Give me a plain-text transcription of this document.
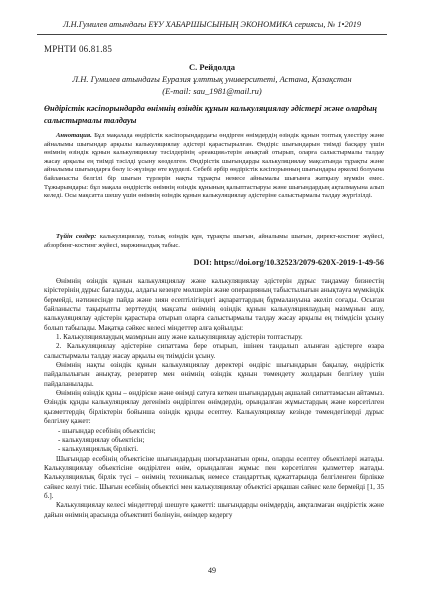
Л.Н.Гумилев атындағы ЕҰУ ХАБАРШЫСЫНЫҢ ЭКОНОМИКА сериясы, № 1•2019
МРНТИ 06.81.85
С. Рейдолда
Л.Н. Гумилев атындағы Еуразия ұлттық университеті, Астана, Қазақстан
(E-mail: sau_1981@mail.ru)
Өндірістік кәсіпорындарда өнімнің өзіндік құнын калькуляциялау әдістері және олардың салыстырмалы талдауы
Аннотация. Бұл мақалада өндірістік кәсіпорындардағы өндірген өнімдердің өзіндік құнын топтық үлестіру және айналымы шығындар арқылы калькуляциялау әдістері қарастырылған. Өндіріс шығындарын тиімді басқару үшін өнімнің өзіндік құнын калькуляциялау тәсілдерінің «реакция»терін анықтай отырып, оларға салыстырмалы талдау жасау арқылы ең тиімді тәсілді ұсыну көзделген. Өндірістік шығындарды калькуляциялау мақсатында тұрақты және айналымы шығындарға бөлу іс-жүзінде өте күрделі. Себебі әрбір өндірістік кәсіпорынның шығындары әркелкі болуына байланысты белгілі бір шығын түрлерін нақты тұрақты немесе айнымалы шығынға жатқызу мүмкін емес. Тұжырымдары: бұл мақала өндірістік өнімнің өзіндік құнының қалыптастыруы және шығындардың ақталмауына алып келеді. Осы мақсатта шешу үшін өнімнің өзіндік құнын калькуляциялау әдістеріне салыстырмалы талдау жүргізілді.
Түйін сөздер: калькуляциялау, толық өзіндік құн, тұрақты шығын, айналымы шығын, директ-костинг жүйесі, абзорбинг-костинг жүйесі, маржиналдық табыс.
DOI: https://doi.org/10.32523/2079-620X-2019-1-49-56

Өнімнің өзіндік құнын калькуляциялау және калькуляциялау әдістерін дұрыс таңдамау бизнестің кірістерінің дұрыс бағалауды, алдағы кезеңге мөлшерін және операцияның табыстылығын анықтауға мүмкіндік бермейді, нәтижесінде пайда және зиян есептілігіндегі ақпараттардың бұрмалануына әкеліп соғады. Осыған байланысты тақырыпты зерттеудің мақсаты өнімнің өзіндік құнын калькуляциялаудың мазмұнын ашу, калькуляциялау әдістерін қарастыра отырып оларға салыстырмалы талдау жасау арқылы ең тиімдісін ұсыну болып табылады. Мақатқа сәйкес келесі міндеттер алға қойылды:

1. Калькуляциялаудың мазмұнын ашу және калькуляциялау әдістерін топтастыру.

2. Калькуляциялау әдістеріне сипаттама бере отырып, ішінен тандалып алынған әдістерге өзара салыстырмалы талдау жасау арқылы ең тиімдісін ұсыну.

Өнімнің нақты өзіндік құнын калькуляциялау деректері өндіріс шығындарын бақылау, өндірістік пайдалылығын анықтау, резервтер мен өнімнің өзіндік құнын төмендету жолдарын белгілеу үшін пайдаланылады.

Өнімнің өзіндік құны – өндіріске және өнімді сатуға кеткен шығындардың ақшалай сипаттамасын айтамыз. Өзіндік құнды калькуляциялау дегеніміз өндірілген өнімдердің, орындалған жұмыстардың және көрсетілген қызметтердің бірліктерін бойынша өзіндік құнды есептеу. Калькуляциялау кезінде төмендегілерді дұрыс белгілеу қажет:

- шығындар есебінің объектісін;

- калькуляциялау объектісін;

- калькуляциялық бірлікті.

Шығындар есебінің объектісіне шығындардың шоғырланатын орны, оларды есептеу объектілері жатады. Калькуляциялау объектісіне өндірілген өнім, орындалған жұмыс пен көрсетілген қызметтер жатады. Калькуляциялық бірлік түсі – өнімнің техникалық немесе стандарттық құжаттарында белгіленген бірлікке сәйкес келуі тиіс. Шығын есебінің объектісі мен калькуляциялау объектісі әрқашан сәйкес келе бермейді [1, 35 б.].

Калькуляциялау келесі міндеттерді шешуге қажетті: шығындарды өнімдердің, аяқталмаған өндірістік және дайын өнімнің арасында объективті бөлінуін, өнімдер кедергу

49
